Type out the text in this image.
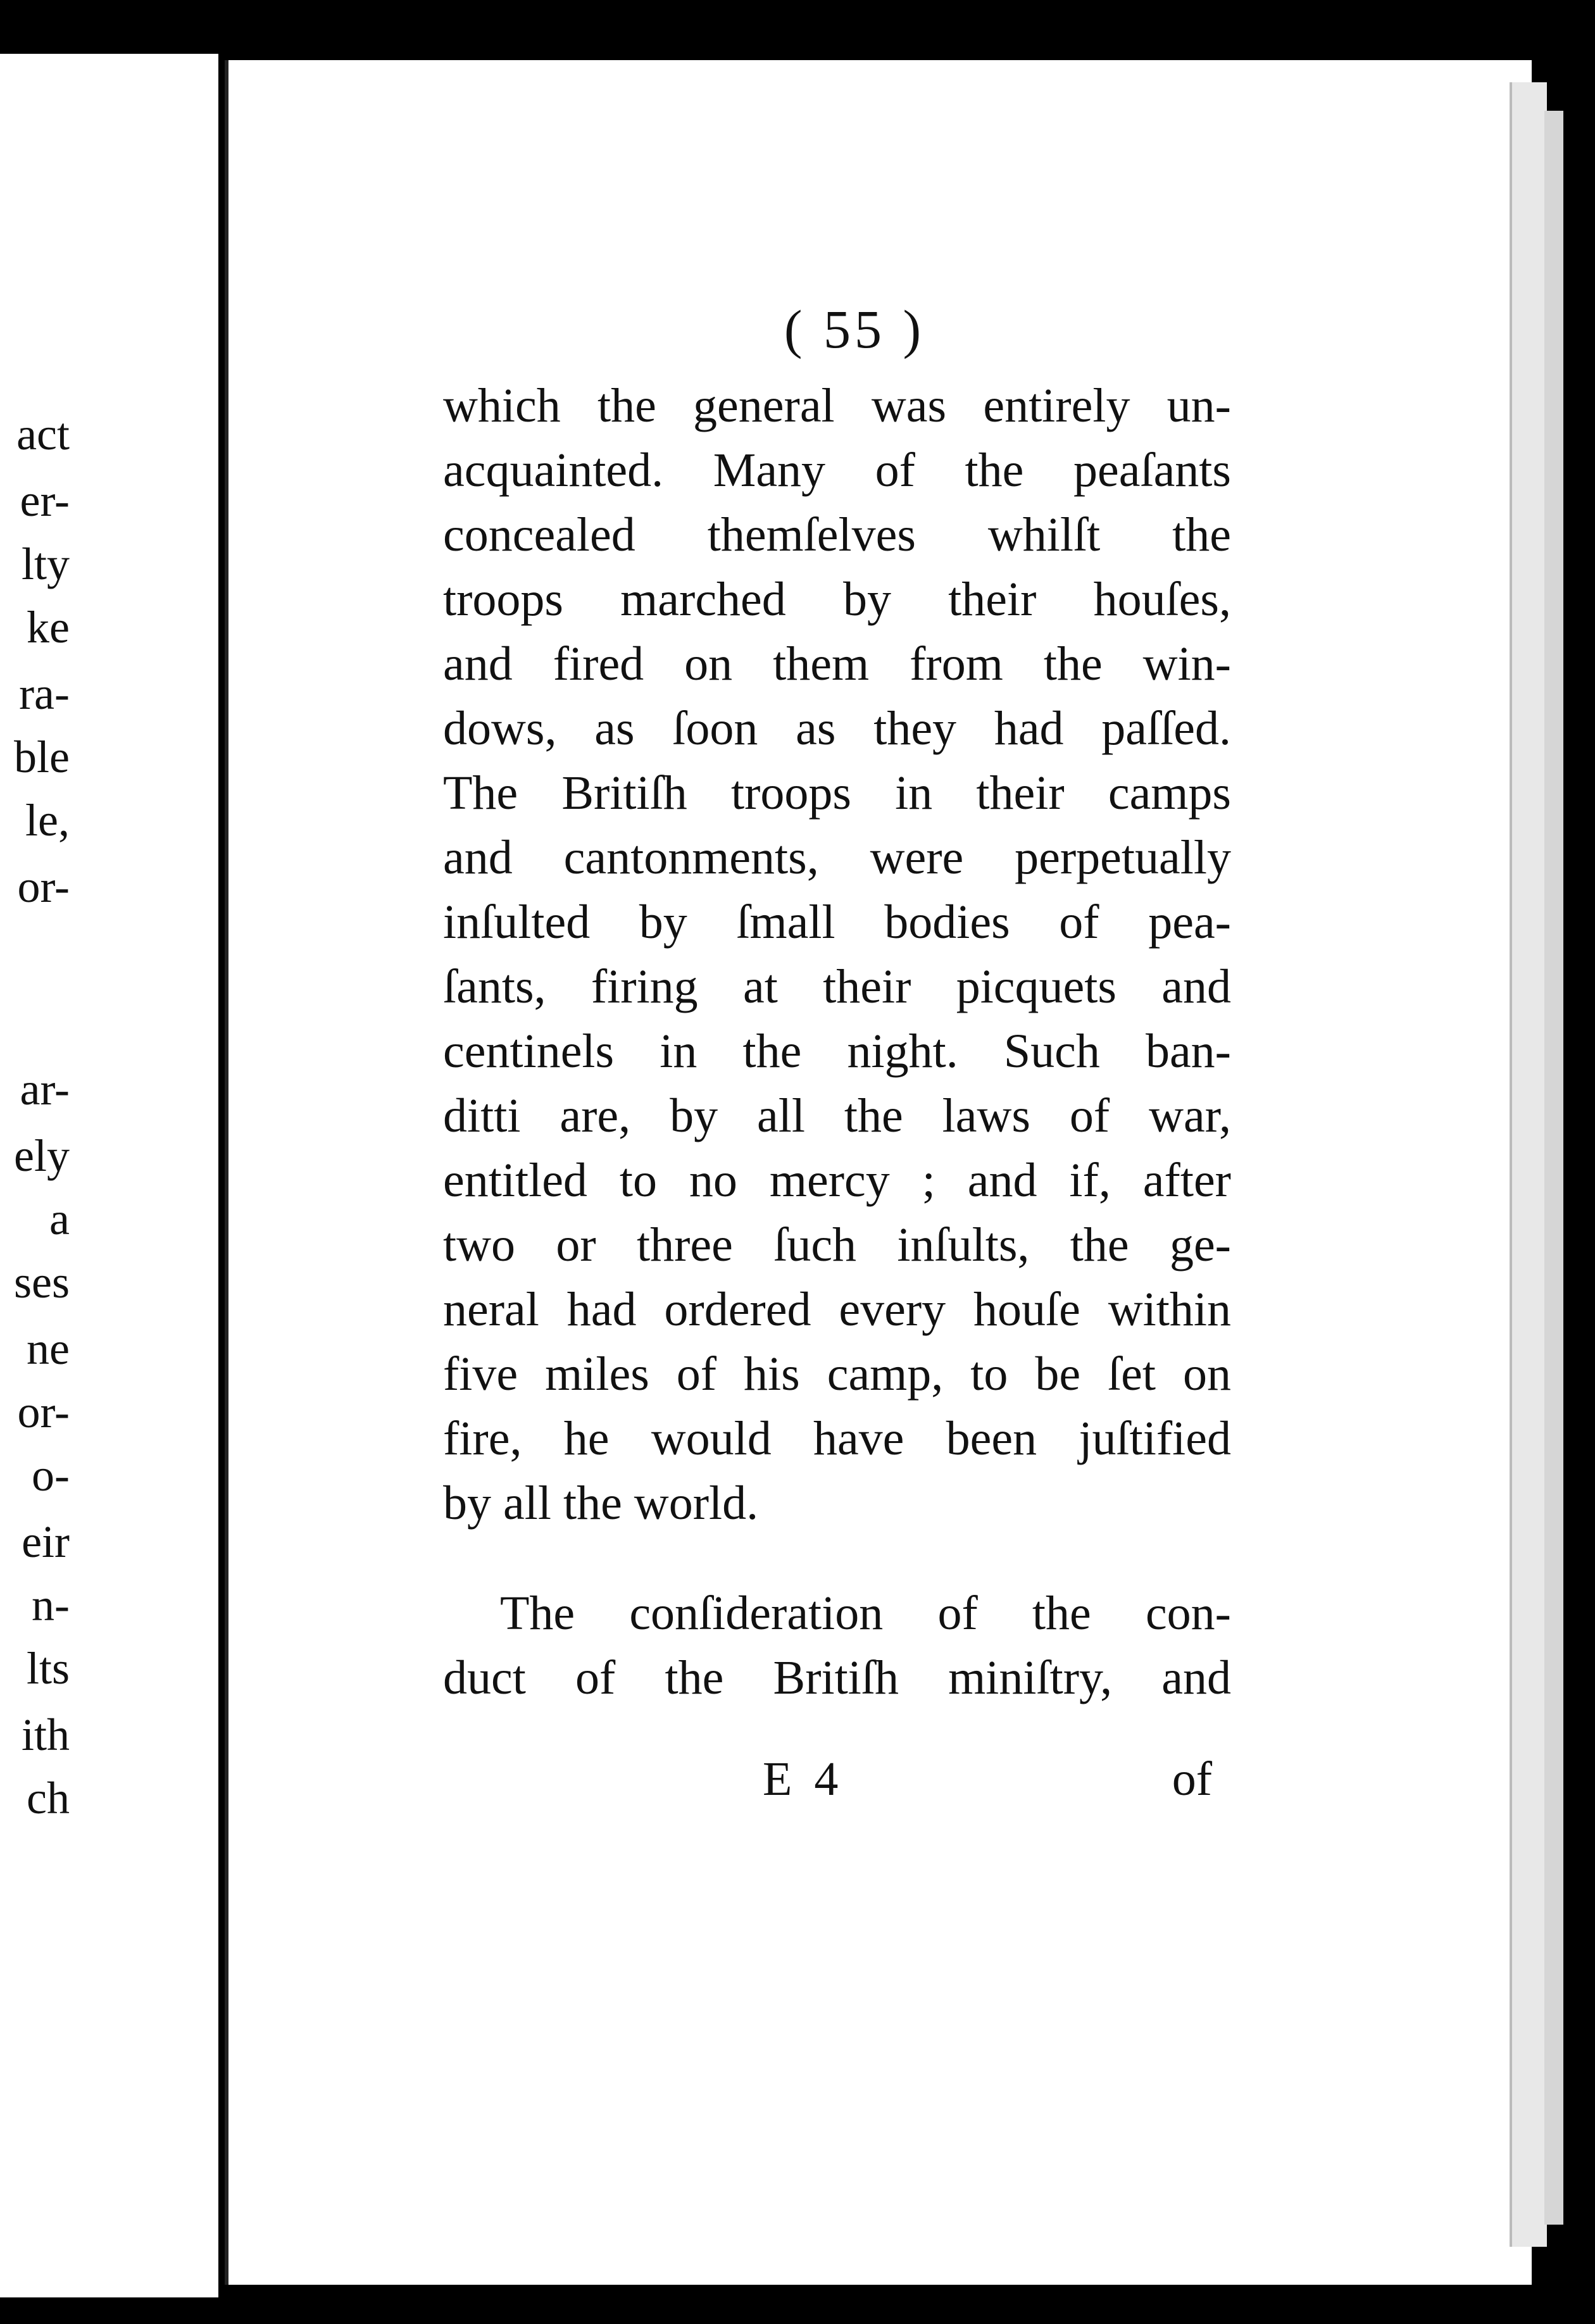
act
er-
lty
ke
ra-
ble
le,
or-
ar-
ely
a
ses
ne
or-
o-
eir
n-
lts
ith
ch
( 55 )
which the general was entirely un-
acquainted. Many of the peaſants
concealed themſelves whilſt the
troops marched by their houſes,
and fired on them from the win-
dows, as ſoon as they had paſſed.
The Britiſh troops in their camps
and cantonments, were perpetually
inſulted by ſmall bodies of pea-
ſants, firing at their picquets and
centinels in the night. Such ban-
ditti are, by all the laws of war,
entitled to no mercy ; and if, after
two or three ſuch inſults, the ge-
neral had ordered every houſe within
five miles of his camp, to be ſet on
fire, he would have been juſtified
by all the world.
The conſideration of the con-
duct of the Britiſh miniſtry, and
E 4	of
